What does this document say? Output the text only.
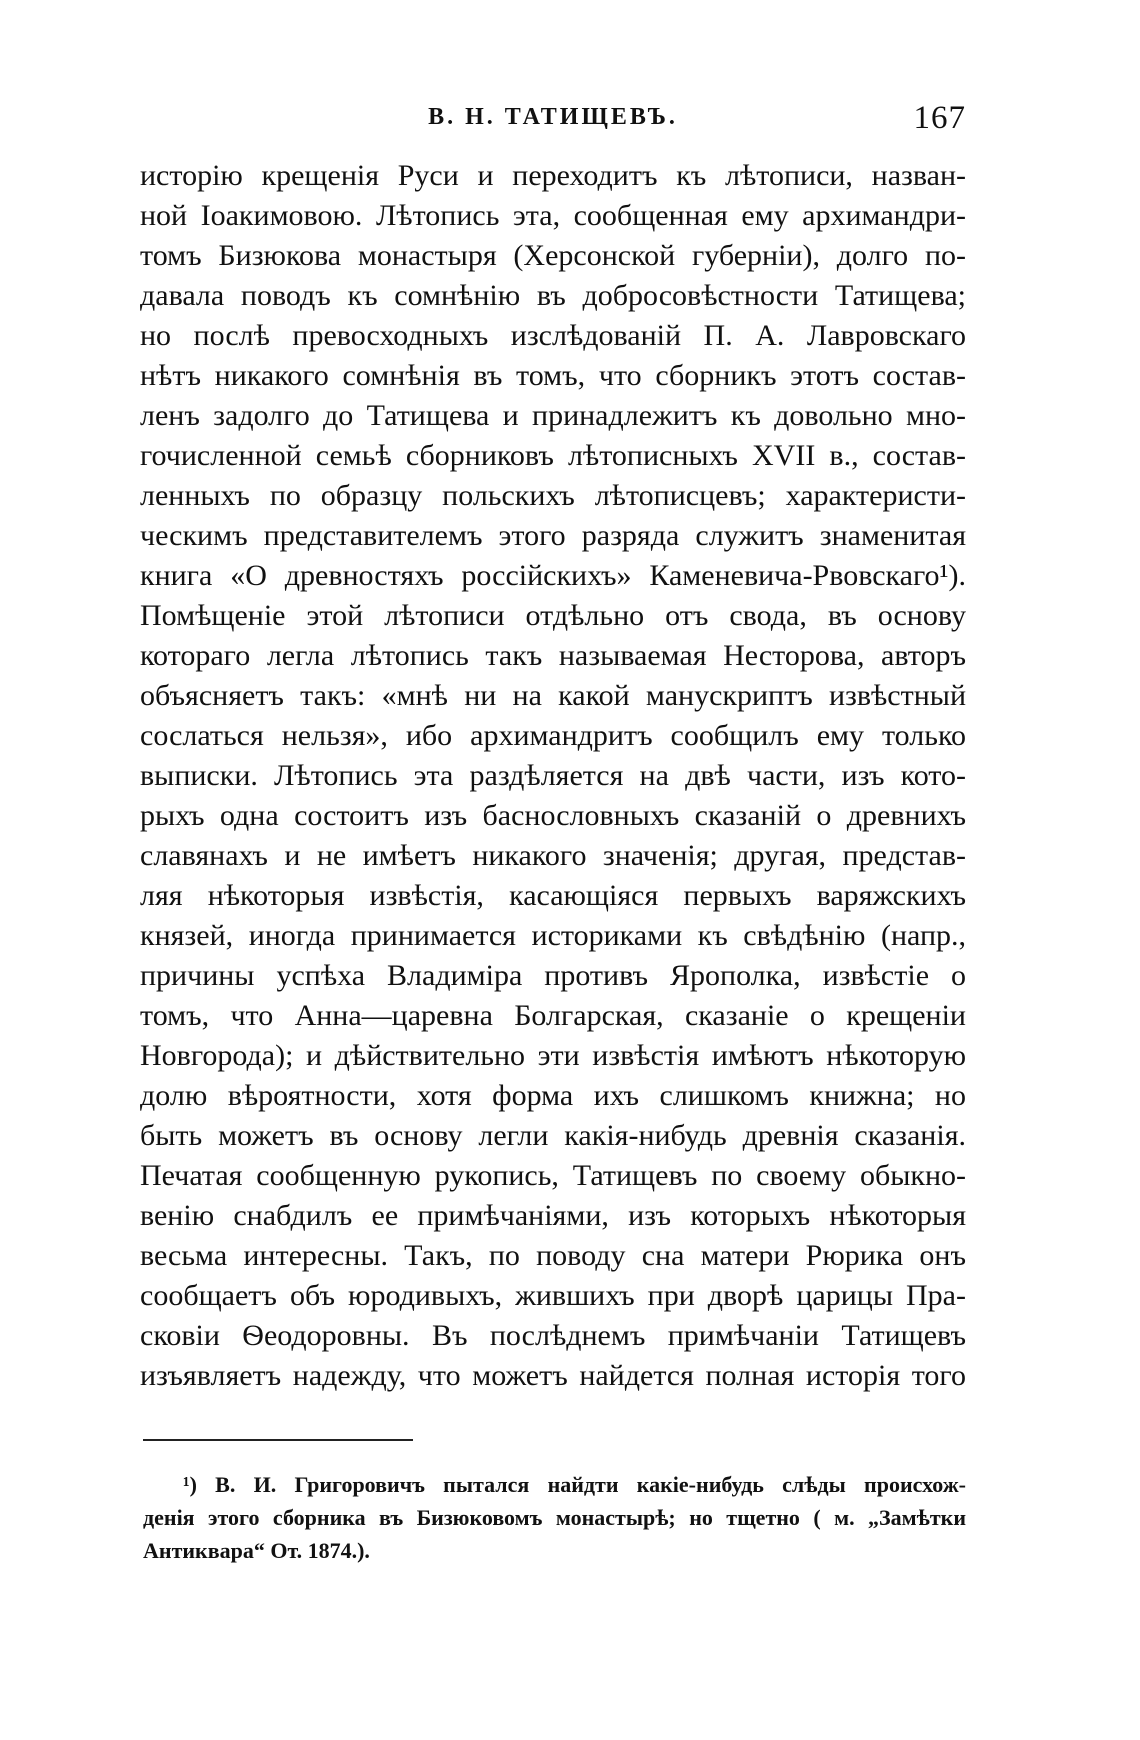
В. Н. ТАТИЩЕВЪ.	167
исторію крещенія Руси и переходитъ къ лѣтописи, назван-
ной Іоакимовою. Лѣтопись эта, сообщенная ему архимандри-
томъ Бизюкова монастыря (Херсонской губерніи), долго по-
давала поводъ къ сомнѣнію въ добросовѣстности Татищева;
но послѣ превосходныхъ изслѣдованій П. А. Лавровскаго
нѣтъ никакого сомнѣнія въ томъ, что сборникъ этотъ состав-
ленъ задолго до Татищева и принадлежитъ къ довольно мно-
гочисленной семьѣ сборниковъ лѣтописныхъ XVII в., состав-
ленныхъ по образцу польскихъ лѣтописцевъ; характеристи-
ческимъ представителемъ этого разряда служитъ знаменитая
книга «О древностяхъ россійскихъ» Каменевича-Рвовскаго¹).
Помѣщеніе этой лѣтописи отдѣльно отъ свода, въ основу
котораго легла лѣтопись такъ называемая Несторова, авторъ
объясняетъ такъ: «мнѣ ни на какой манускриптъ извѣстный
сослаться нельзя», ибо архимандритъ сообщилъ ему только
выписки. Лѣтопись эта раздѣляется на двѣ части, изъ кото-
рыхъ одна состоитъ изъ баснословныхъ сказаній о древнихъ
славянахъ и не имѣетъ никакого значенія; другая, представ-
ляя нѣкоторыя извѣстія, касающіяся первыхъ варяжскихъ
князей, иногда принимается историками къ свѣдѣнію (напр.,
причины успѣха Владиміра противъ Ярополка, извѣстіе о
томъ, что Анна—царевна Болгарская, сказаніе о крещеніи
Новгорода); и дѣйствительно эти извѣстія имѣютъ нѣкоторую
долю вѣроятности, хотя форма ихъ слишкомъ книжна; но
быть можетъ въ основу легли какія-нибудь древнія сказанія.
Печатая сообщенную рукопись, Татищевъ по своему обыкно-
венію снабдилъ ее примѣчаніями, изъ которыхъ нѣкоторыя
весьма интересны. Такъ, по поводу сна матери Рюрика онъ
сообщаетъ объ юродивыхъ, жившихъ при дворѣ царицы Пра-
сковіи Ѳеодоровны. Въ послѣднемъ примѣчаніи Татищевъ
изъявляетъ надежду, что можетъ найдется полная исторія того
¹) В. И. Григоровичъ пытался найдти какіе-нибудь слѣды происхож-
денія этого сборника въ Бизюковомъ монастырѣ; но тщетно ( м. „Замѣтки
Антиквара“ От. 1874.).
